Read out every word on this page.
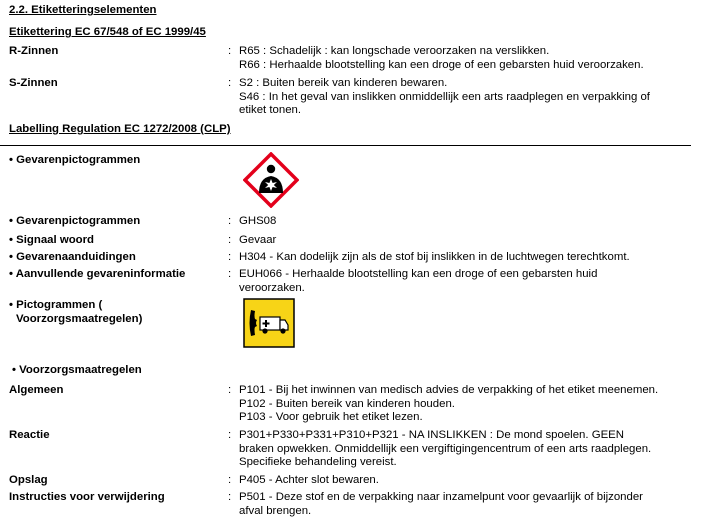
2.2. Etiketteringselementen
Etikettering EC 67/548 of EC 1999/45
R-Zinnen	: R65 : Schadelijk : kan longschade veroorzaken na verslikken.
R66 : Herhaalde blootstelling kan een droge of een gebarsten huid veroorzaken.
S-Zinnen	: S2 : Buiten bereik van kinderen bewaren.
S46 : In het geval van inslikken onmiddellijk een arts raadplegen en verpakking of
etiket tonen.
Labelling Regulation EC 1272/2008 (CLP)
• Gevarenpictogrammen
• Gevarenpictogrammen	: GHS08
• Signaal woord	: Gevaar
• Gevarenaanduidingen	: H304 - Kan dodelijk zijn als de stof bij inslikken in de luchtwegen terechtkomt.
• Aanvullende gevareninformatie	: EUH066 - Herhaalde blootstelling kan een droge of een gebarsten huid
veroorzaken.
• Pictogrammen (
Voorzorgsmaatregelen)
• Voorzorgsmaatregelen
Algemeen	: P101 - Bij het inwinnen van medisch advies de verpakking of het etiket meenemen.
P102 - Buiten bereik van kinderen houden.
P103 - Voor gebruik het etiket lezen.
Reactie	: P301+P330+P331+P310+P321 - NA INSLIKKEN : De mond spoelen. GEEN
braken opwekken. Onmiddellijk een vergiftigingencentrum of een arts raadplegen.
Specifieke behandeling vereist.
Opslag	: P405 - Achter slot bewaren.
Instructies voor verwijdering	: P501 - Deze stof en de verpakking naar inzamelpunt voor gevaarlijk of bijzonder
afval brengen.
